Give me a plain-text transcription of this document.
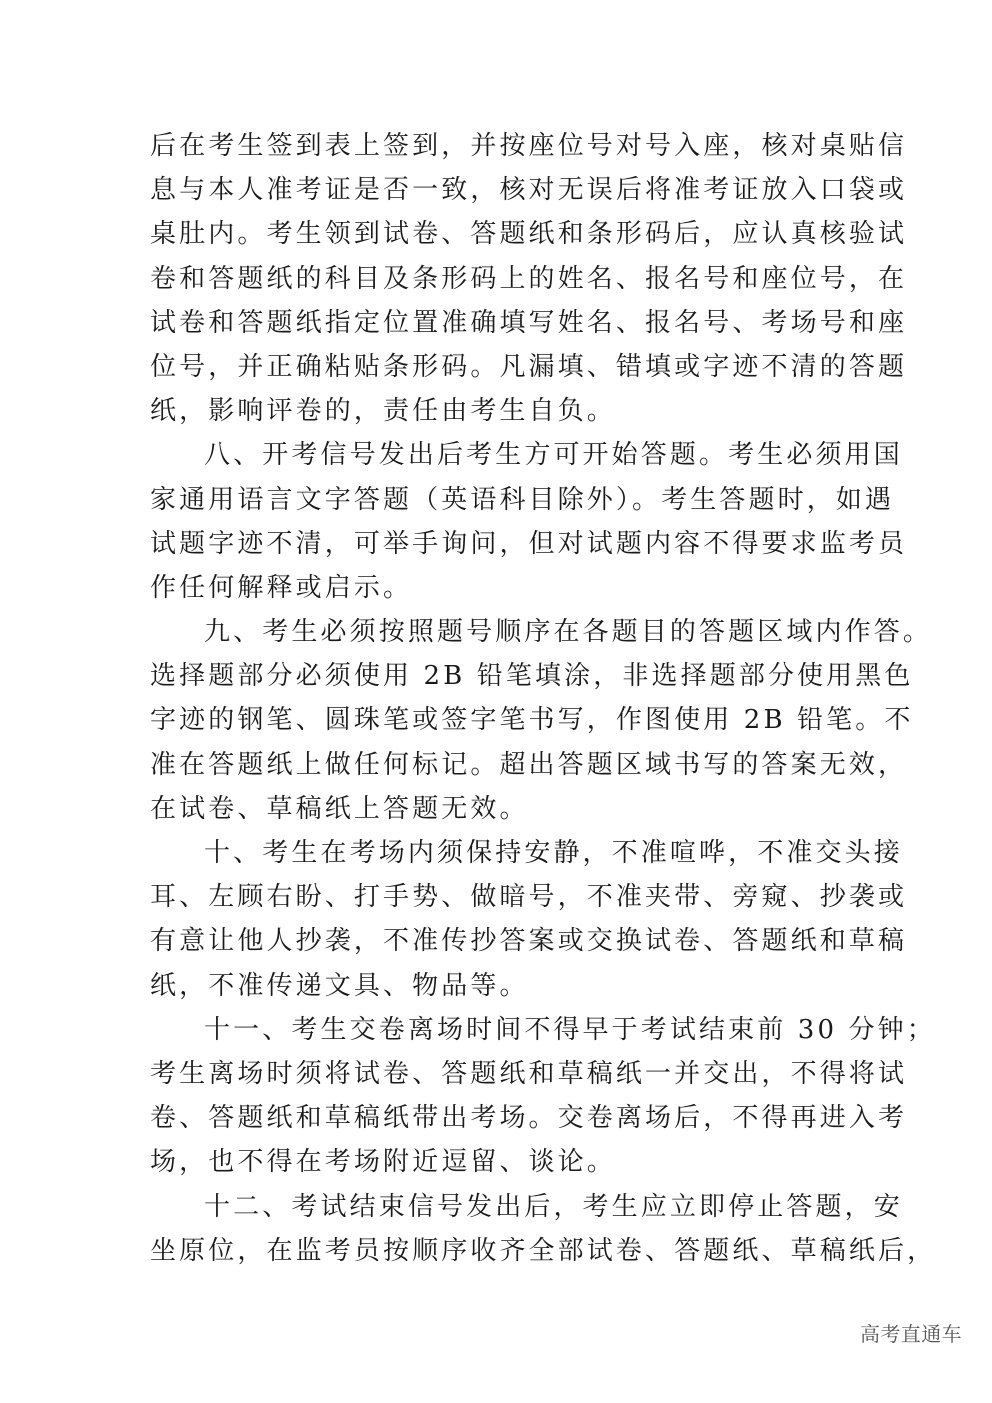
后在考生签到表上签到，并按座位号对号入座，核对桌贴信
息与本人准考证是否一致，核对无误后将准考证放入口袋或
桌肚内。考生领到试卷、答题纸和条形码后，应认真核验试
卷和答题纸的科目及条形码上的姓名、报名号和座位号，在
试卷和答题纸指定位置准确填写姓名、报名号、考场号和座
位号，并正确粘贴条形码。凡漏填、错填或字迹不清的答题
纸，影响评卷的，责任由考生自负。
八、开考信号发出后考生方可开始答题。考生必须用国
家通用语言文字答题（英语科目除外）。考生答题时，如遇
试题字迹不清，可举手询问，但对试题内容不得要求监考员
作任何解释或启示。
九、考生必须按照题号顺序在各题目的答题区域内作答。
选择题部分必须使用 2B 铅笔填涂，非选择题部分使用黑色
字迹的钢笔、圆珠笔或签字笔书写，作图使用 2B 铅笔。不
准在答题纸上做任何标记。超出答题区域书写的答案无效，
在试卷、草稿纸上答题无效。
十、考生在考场内须保持安静，不准喧哗，不准交头接
耳、左顾右盼、打手势、做暗号，不准夹带、旁窥、抄袭或
有意让他人抄袭，不准传抄答案或交换试卷、答题纸和草稿
纸，不准传递文具、物品等。
十一、考生交卷离场时间不得早于考试结束前 30 分钟；
考生离场时须将试卷、答题纸和草稿纸一并交出，不得将试
卷、答题纸和草稿纸带出考场。交卷离场后，不得再进入考
场，也不得在考场附近逗留、谈论。
十二、考试结束信号发出后，考生应立即停止答题，安
坐原位，在监考员按顺序收齐全部试卷、答题纸、草稿纸后，
高考直通车
